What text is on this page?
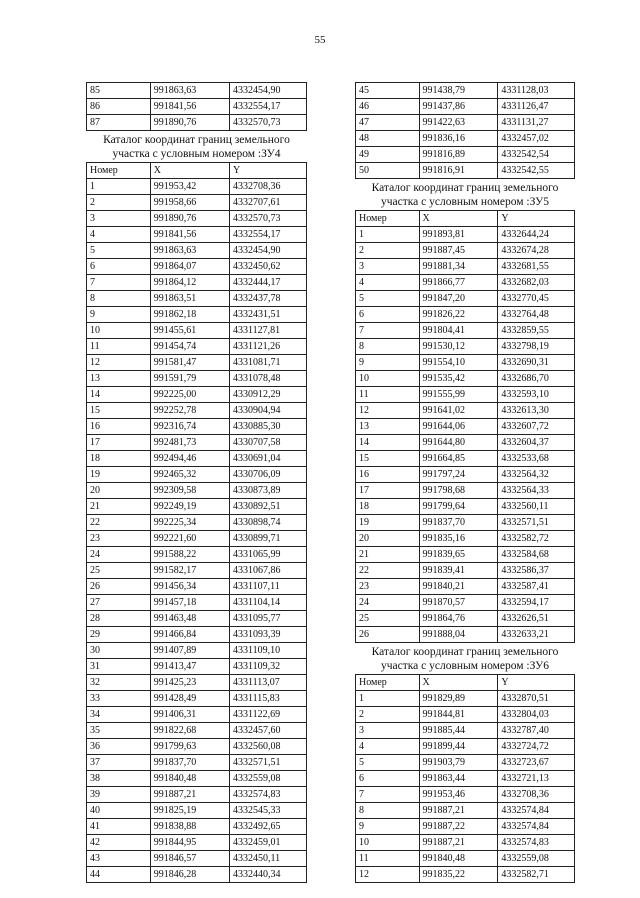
55
85	991863,63	4332454,90
86	991841,56	4332554,17
87	991890,76	4332570,73
Каталог координат границ земельного
участка с условным номером :ЗУ4
Номер	X	Y
1	991953,42	4332708,36
2	991958,66	4332707,61
3	991890,76	4332570,73
4	991841,56	4332554,17
5	991863,63	4332454,90
6	991864,07	4332450,62
7	991864,12	4332444,17
8	991863,51	4332437,78
9	991862,18	4332431,51
10	991455,61	4331127,81
11	991454,74	4331121,26
12	991581,47	4331081,71
13	991591,79	4331078,48
14	992225,00	4330912,29
15	992252,78	4330904,94
16	992316,74	4330885,30
17	992481,73	4330707,58
18	992494,46	4330691,04
19	992465,32	4330706,09
20	992309,58	4330873,89
21	992249,19	4330892,51
22	992225,34	4330898,74
23	992221,60	4330899,71
24	991588,22	4331065,99
25	991582,17	4331067,86
26	991456,34	4331107,11
27	991457,18	4331104,14
28	991463,48	4331095,77
29	991466,84	4331093,39
30	991407,89	4331109,10
31	991413,47	4331109,32
32	991425,23	4331113,07
33	991428,49	4331115,83
34	991406,31	4331122,69
35	991822,68	4332457,60
36	991799,63	4332560,08
37	991837,70	4332571,51
38	991840,48	4332559,08
39	991887,21	4332574,83
40	991825,19	4332545,33
41	991838,88	4332492,65
42	991844,95	4332459,01
43	991846,57	4332450,11
44	991846,28	4332440,34
45	991438,79	4331128,03
46	991437,86	4331126,47
47	991422,63	4331131,27
48	991836,16	4332457,02
49	991816,89	4332542,54
50	991816,91	4332542,55
Каталог координат границ земельного
участка с условным номером :ЗУ5
Номер	X	Y
1	991893,81	4332644,24
2	991887,45	4332674,28
3	991881,34	4332681,55
4	991866,77	4332682,03
5	991847,20	4332770,45
6	991826,22	4332764,48
7	991804,41	4332859,55
8	991530,12	4332798,19
9	991554,10	4332690,31
10	991535,42	4332686,70
11	991555,99	4332593,10
12	991641,02	4332613,30
13	991644,06	4332607,72
14	991644,80	4332604,37
15	991664,85	4332533,68
16	991797,24	4332564,32
17	991798,68	4332564,33
18	991799,64	4332560,11
19	991837,70	4332571,51
20	991835,16	4332582,72
21	991839,65	4332584,68
22	991839,41	4332586,37
23	991840,21	4332587,41
24	991870,57	4332594,17
25	991864,76	4332626,51
26	991888,04	4332633,21
Каталог координат границ земельного
участка с условным номером :ЗУ6
Номер	X	Y
1	991829,89	4332870,51
2	991844,81	4332804,03
3	991885,44	4332787,40
4	991899,44	4332724,72
5	991903,79	4332723,67
6	991863,44	4332721,13
7	991953,46	4332708,36
8	991887,21	4332574,84
9	991887,22	4332574,84
10	991887,21	4332574,83
11	991840,48	4332559,08
12	991835,22	4332582,71
